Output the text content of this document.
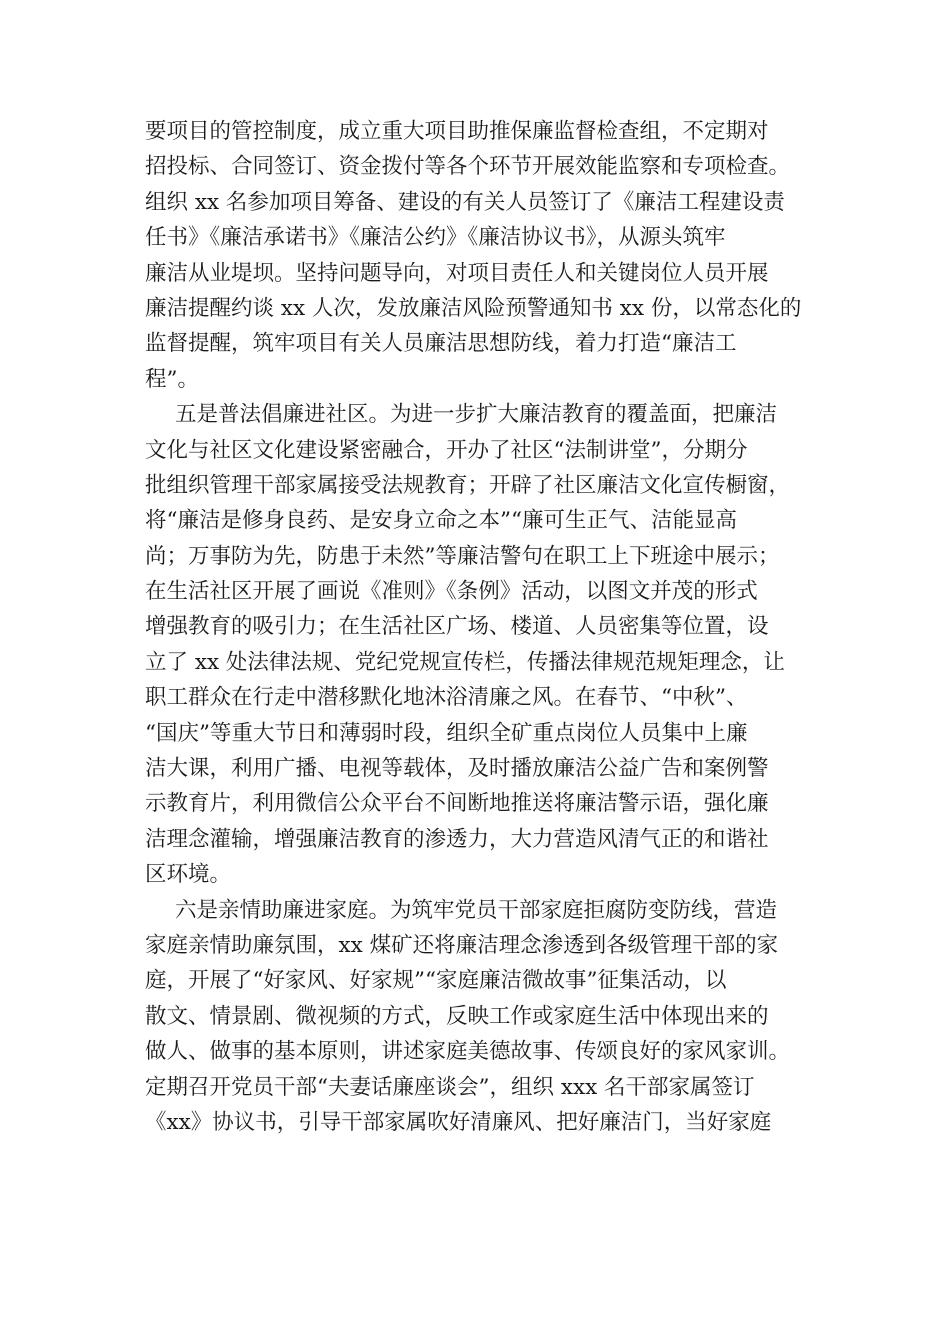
要项目的管控制度，成立重大项目助推保廉监督检查组，不定期对
招投标、合同签订、资金拨付等各个环节开展效能监察和专项检查。
组织 xx 名参加项目筹备、建设的有关人员签订了《廉洁工程建设责
任书》《廉洁承诺书》《廉洁公约》《廉洁协议书》，从源头筑牢
廉洁从业堤坝。坚持问题导向，对项目责任人和关键岗位人员开展
廉洁提醒约谈 xx 人次，发放廉洁风险预警通知书 xx 份，以常态化的
监督提醒，筑牢项目有关人员廉洁思想防线，着力打造“廉洁工
程”。
五是普法倡廉进社区。为进一步扩大廉洁教育的覆盖面，把廉洁
文化与社区文化建设紧密融合，开办了社区“法制讲堂”，分期分
批组织管理干部家属接受法规教育；开辟了社区廉洁文化宣传橱窗，
将“廉洁是修身良药、是安身立命之本”“廉可生正气、洁能显高
尚；万事防为先，防患于未然”等廉洁警句在职工上下班途中展示；
在生活社区开展了画说《准则》《条例》活动，以图文并茂的形式
增强教育的吸引力；在生活社区广场、楼道、人员密集等位置，设
立了 xx 处法律法规、党纪党规宣传栏，传播法律规范规矩理念，让
职工群众在行走中潜移默化地沐浴清廉之风。在春节、“中秋”、
“国庆”等重大节日和薄弱时段，组织全矿重点岗位人员集中上廉
洁大课，利用广播、电视等载体，及时播放廉洁公益广告和案例警
示教育片，利用微信公众平台不间断地推送将廉洁警示语，强化廉
洁理念灌输，增强廉洁教育的渗透力，大力营造风清气正的和谐社
区环境。
六是亲情助廉进家庭。为筑牢党员干部家庭拒腐防变防线，营造
家庭亲情助廉氛围，xx 煤矿还将廉洁理念渗透到各级管理干部的家
庭，开展了“好家风、好家规”“家庭廉洁微故事”征集活动，以
散文、情景剧、微视频的方式，反映工作或家庭生活中体现出来的
做人、做事的基本原则，讲述家庭美德故事、传颂良好的家风家训。
定期召开党员干部“夫妻话廉座谈会”，组织 xxx 名干部家属签订
《xx》协议书，引导干部家属吹好清廉风、把好廉洁门，当好家庭
